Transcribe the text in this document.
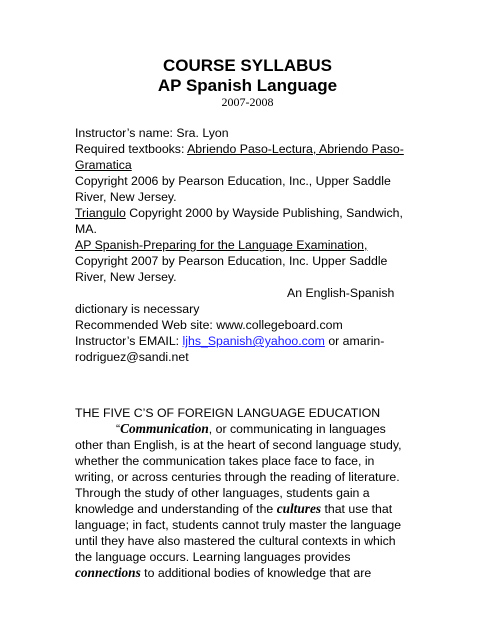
COURSE SYLLABUS
AP Spanish Language
2007-2008
Instructor’s name: Sra. Lyon
Required textbooks: Abriendo Paso-Lectura, Abriendo Paso-
Gramatica
Copyright 2006 by Pearson Education, Inc., Upper Saddle
River, New Jersey.
Triangulo Copyright 2000 by Wayside Publishing, Sandwich,
MA.
AP Spanish-Preparing for the Language Examination,
Copyright 2007 by Pearson Education, Inc. Upper Saddle
River, New Jersey.
An English-Spanish
dictionary is necessary
Recommended Web site: www.collegeboard.com
Instructor’s EMAIL: ljhs_Spanish@yahoo.com or amarin-
rodriguez@sandi.net
THE FIVE C’S OF FOREIGN LANGUAGE EDUCATION
“Communication, or communicating in languages
other than English, is at the heart of second language study,
whether the communication takes place face to face, in
writing, or across centuries through the reading of literature.
Through the study of other languages, students gain a
knowledge and understanding of the cultures that use that
language; in fact, students cannot truly master the language
until they have also mastered the cultural contexts in which
the language occurs. Learning languages provides
connections to additional bodies of knowledge that are
